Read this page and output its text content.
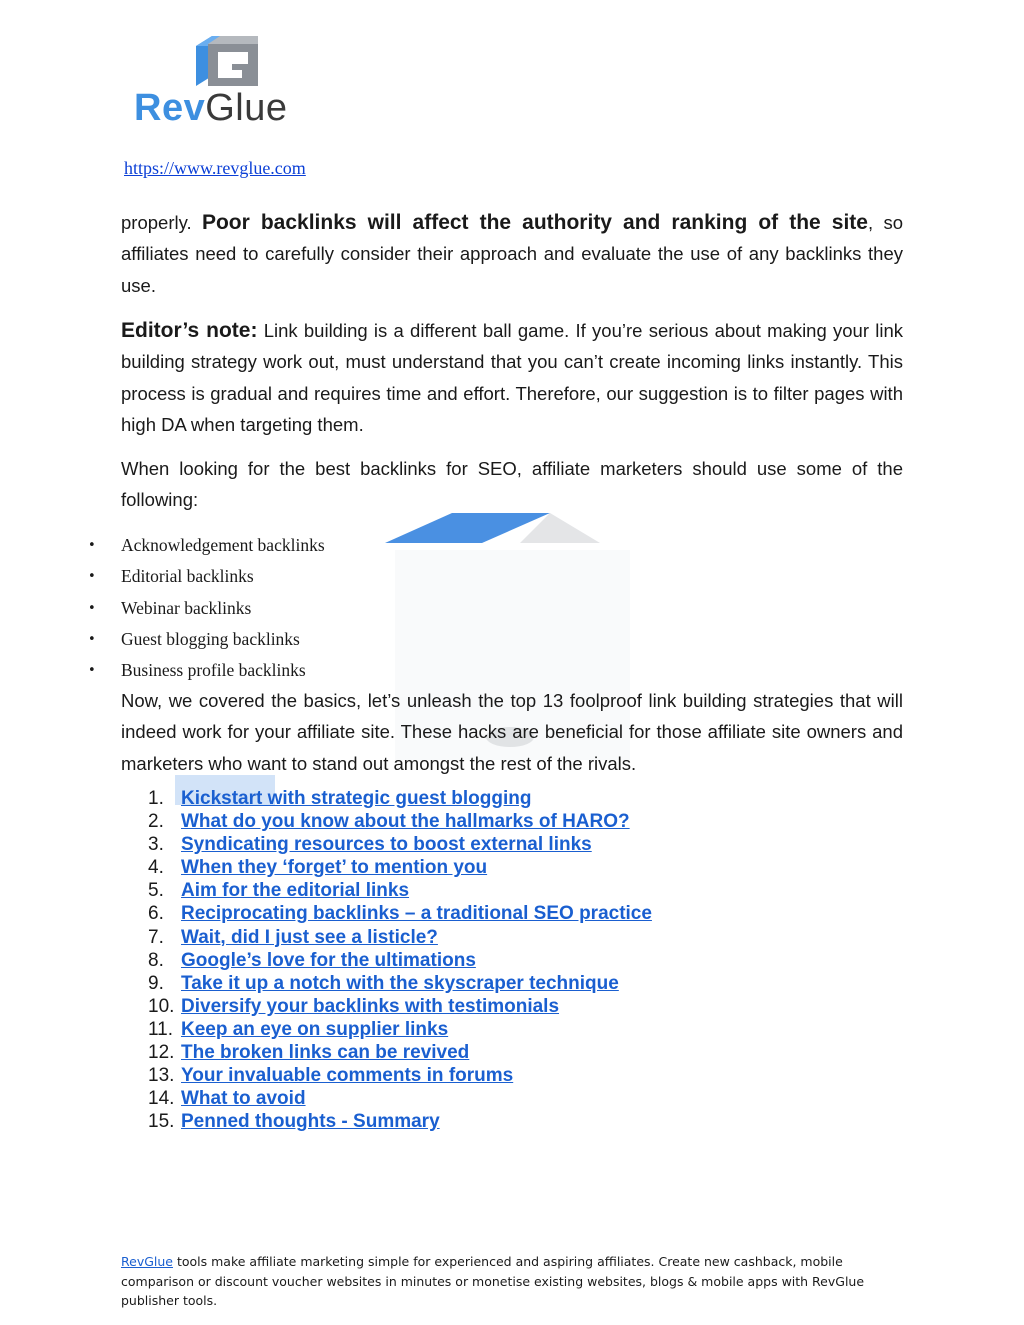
RevGlue
https://www.revglue.com
properly. Poor backlinks will affect the authority and ranking of the site, so affiliates need to carefully consider their approach and evaluate the use of any backlinks they use.
Editor’s note: Link building is a different ball game. If you’re serious about making your link building strategy work out, must understand that you can’t create incoming links instantly. This process is gradual and requires time and effort. Therefore, our suggestion is to filter pages with high DA when targeting them.
When looking for the best backlinks for SEO, affiliate marketers should use some of the following:
• Acknowledgement backlinks
• Editorial backlinks
• Webinar backlinks
• Guest blogging backlinks
• Business profile backlinks
Now, we covered the basics, let’s unleash the top 13 foolproof link building strategies that will indeed work for your affiliate site. These hacks are beneficial for those affiliate site owners and marketers who want to stand out amongst the rest of the rivals.
1. Kickstart with strategic guest blogging
2. What do you know about the hallmarks of HARO?
3. Syndicating resources to boost external links
4. When they ‘forget’ to mention you
5. Aim for the editorial links
6. Reciprocating backlinks – a traditional SEO practice
7. Wait, did I just see a listicle?
8. Google’s love for the ultimations
9. Take it up a notch with the skyscraper technique
10. Diversify your backlinks with testimonials
11. Keep an eye on supplier links
12. The broken links can be revived
13. Your invaluable comments in forums
14. What to avoid
15. Penned thoughts - Summary
RevGlue tools make affiliate marketing simple for experienced and aspiring affiliates. Create new cashback, mobile comparison or discount voucher websites in minutes or monetise existing websites, blogs & mobile apps with RevGlue publisher tools.
